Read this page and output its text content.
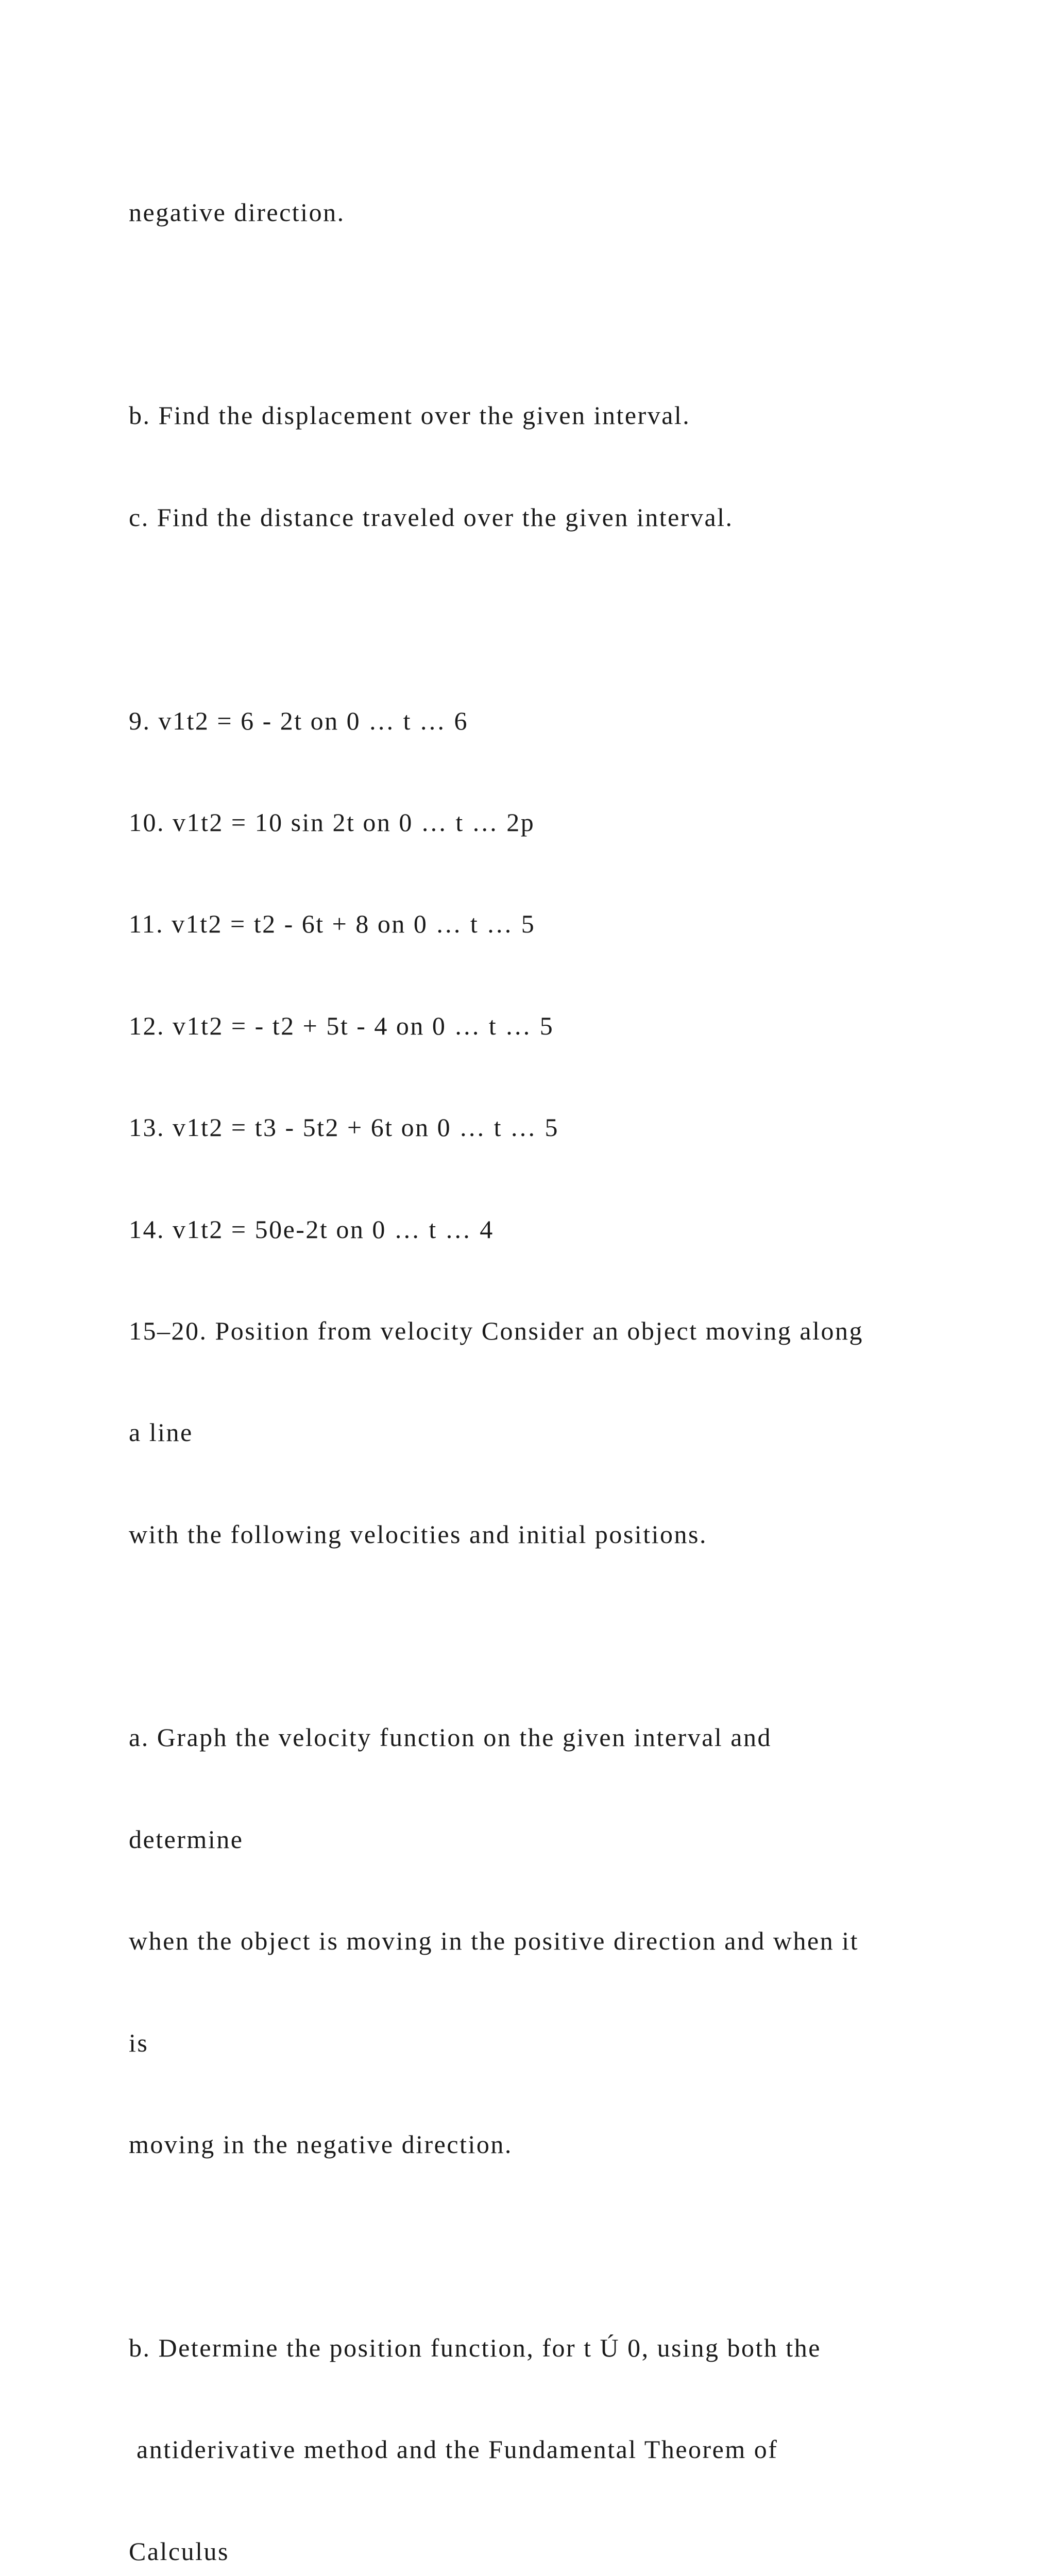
negative direction.

b. Find the displacement over the given interval.

c. Find the distance traveled over the given interval.

9. v1t2 = 6 - 2t on 0 … t … 6

10. v1t2 = 10 sin 2t on 0 … t … 2p

11. v1t2 = t2 - 6t + 8 on 0 … t … 5

12. v1t2 = - t2 + 5t - 4 on 0 … t … 5

13. v1t2 = t3 - 5t2 + 6t on 0 … t … 5

14. v1t2 = 50e-2t on 0 … t … 4

15–20. Position from velocity Consider an object moving along

a line

with the following velocities and initial positions.

a. Graph the velocity function on the given interval and

determine

when the object is moving in the positive direction and when it

is

moving in the negative direction.

b. Determine the position function, for t Ú 0, using both the

antiderivative method and the Fundamental Theorem of

Calculus
